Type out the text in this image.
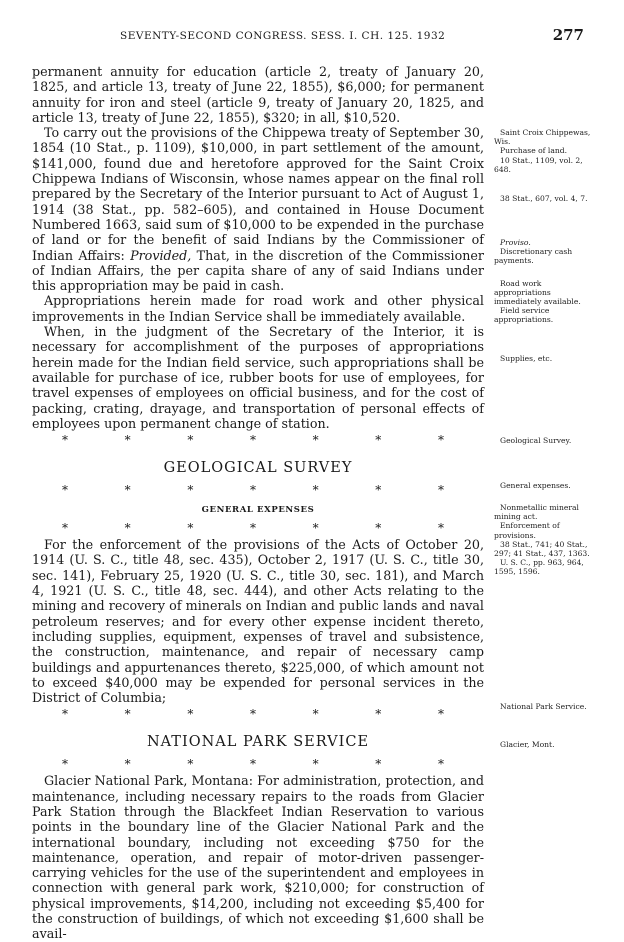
SEVENTY-SECOND CONGRESS. SESS. I. CH. 125. 1932	277

permanent annuity for education (article 2, treaty of January 20, 1825, and article 13, treaty of June 22, 1855), $6,000; for permanent annuity for iron and steel (article 9, treaty of January 20, 1825, and article 13, treaty of June 22, 1855), $320; in all, $10,520.

To carry out the provisions of the Chippewa treaty of September 30, 1854 (10 Stat., p. 1109), $10,000, in part settlement of the amount, $141,000, found due and heretofore approved for the Saint Croix Chippewa Indians of Wisconsin, whose names appear on the final roll prepared by the Secretary of the Interior pursuant to Act of August 1, 1914 (38 Stat., pp. 582–605), and contained in House Document Numbered 1663, said sum of $10,000 to be expended in the purchase of land or for the benefit of said Indians by the Commissioner of Indian Affairs: Provided, That, in the discretion of the Commissioner of Indian Affairs, the per capita share of any of said Indians under this appropriation may be paid in cash.

Appropriations herein made for road work and other physical improvements in the Indian Service shall be immediately available.

When, in the judgment of the Secretary of the Interior, it is necessary for accomplishment of the purposes of appropriations herein made for the Indian field service, such appropriations shall be available for purchase of ice, rubber boots for use of employees, for travel expenses of employees on official business, and for the cost of packing, crating, drayage, and transportation of personal effects of employees upon permanent change of station.

*	*	*	*	*	*	*
GEOLOGICAL SURVEY
*	*	*	*	*	*	*
GENERAL EXPENSES
*	*	*	*	*	*	*

For the enforcement of the provisions of the Acts of October 20, 1914 (U. S. C., title 48, sec. 435), October 2, 1917 (U. S. C., title 30, sec. 141), February 25, 1920 (U. S. C., title 30, sec. 181), and March 4, 1921 (U. S. C., title 48, sec. 444), and other Acts relating to the mining and recovery of minerals on Indian and public lands and naval petroleum reserves; and for every other expense incident thereto, including supplies, equipment, expenses of travel and subsistence, the construction, maintenance, and repair of necessary camp buildings and appurtenances thereto, $225,000, of which amount not to exceed $40,000 may be expended for personal services in the District of Columbia;

*	*	*	*	*	*	*
NATIONAL PARK SERVICE
*	*	*	*	*	*	*

Glacier National Park, Montana: For administration, protection, and maintenance, including necessary repairs to the roads from Glacier Park Station through the Blackfeet Indian Reservation to various points in the boundary line of the Glacier National Park and the international boundary, including not exceeding $750 for the maintenance, operation, and repair of motor-driven passenger-carrying vehicles for the use of the superintendent and employees in connection with general park work, $210,000; for construction of physical improvements, $14,200, including not exceeding $5,400 for the construction of buildings, of which not exceeding $1,600 shall be avail-

Saint Croix Chippewas, Wis.

Purchase of land.

10 Stat., 1109, vol. 2, 648.

38 Stat., 607, vol. 4, 7.

Proviso.

Discretionary cash payments.

Road work appropriations immediately available.

Field service appropriations.

Supplies, etc.

Geological Survey.

General expenses.

Nonmetallic mineral mining act.

Enforcement of provisions.

38 Stat., 741; 40 Stat., 297; 41 Stat., 437, 1363.

U. S. C., pp. 963, 964, 1595, 1596.

National Park Service.

Glacier, Mont.
